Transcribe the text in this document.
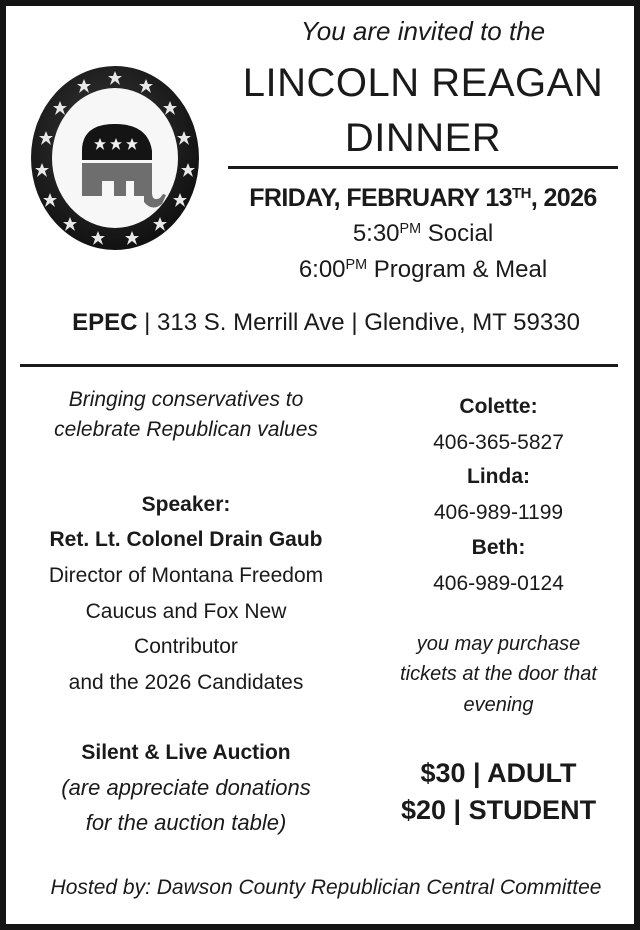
You are invited to the
LINCOLN REAGAN
DINNER
FRIDAY, FEBRUARY 13TH, 2026
$5:30^{PM}$ Social
$6:00^{PM}$ Program & Meal
EPEC | 313 S. Merrill Ave | Glendive, MT 59330
Bringing conservatives to
celebrate Republican values
Speaker:
Ret. Lt. Colonel Drain Gaub
Director of Montana Freedom
Caucus and Fox New
Contributor
and the 2026 Candidates
Silent & Live Auction
(are appreciate donations
for the auction table)
Colette:
406-365-5827
Linda:
406-989-1199
Beth:
406-989-0124
you may purchase
tickets at the door that
evening
$30 | ADULT
$20 | STUDENT
Hosted by: Dawson County Republician Central Committee
